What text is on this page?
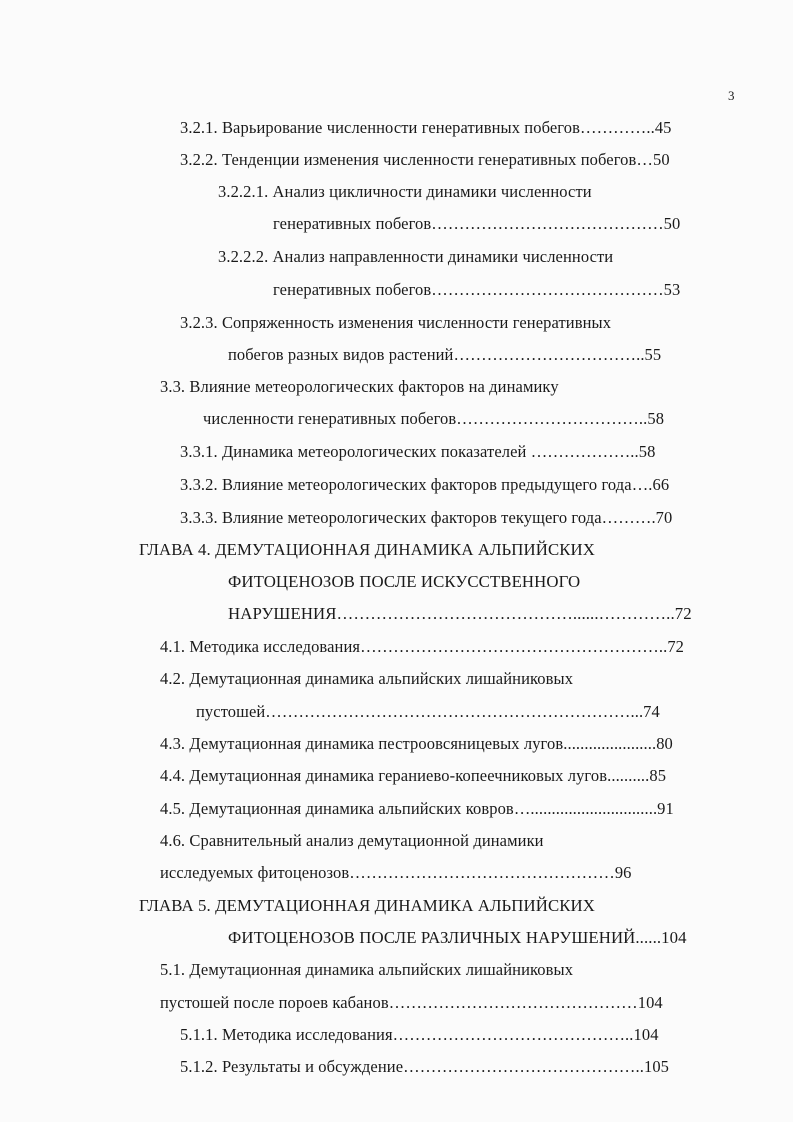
3
3.2.1. Варьирование численности генеративных побегов…………..45
3.2.2. Тенденции изменения численности генеративных побегов…50
3.2.2.1. Анализ цикличности динамики численности
генеративных побегов……………………………………50
3.2.2.2. Анализ направленности динамики численности
генеративных побегов……………………………………53
3.2.3. Сопряженность изменения численности генеративных
побегов разных видов растений……………………………..55
3.3. Влияние метеорологических факторов на динамику
численности генеративных побегов……………………………..58
3.3.1. Динамика метеорологических показателей ………………..58
3.3.2. Влияние метеорологических факторов предыдущего года….66
3.3.3. Влияние метеорологических факторов текущего года……….70
ГЛАВА 4. ДЕМУТАЦИОННАЯ ДИНАМИКА АЛЬПИЙСКИХ
ФИТОЦЕНОЗОВ ПОСЛЕ ИСКУССТВЕННОГО
НАРУШЕНИЯ……………………………………......…………..72
4.1. Методика исследования………………………………………………..72
4.2. Демутационная динамика альпийских лишайниковых
пустошей…………………………………………………………...74
4.3. Демутационная динамика пестроовсяницевых лугов......................80
4.4. Демутационная динамика гераниево-копеечниковых лугов..........85
4.5. Демутационная динамика альпийских ковров…..............................91
4.6. Сравнительный анализ демутационной динамики
исследуемых фитоценозов…………………………………………96
ГЛАВА 5. ДЕМУТАЦИОННАЯ ДИНАМИКА АЛЬПИЙСКИХ
ФИТОЦЕНОЗОВ ПОСЛЕ РАЗЛИЧНЫХ НАРУШЕНИЙ......104
5.1. Демутационная динамика альпийских лишайниковых
пустошей после пороев кабанов………………………………………104
5.1.1. Методика исследования……………………………………..104
5.1.2. Результаты и обсуждение……………………………………..105
